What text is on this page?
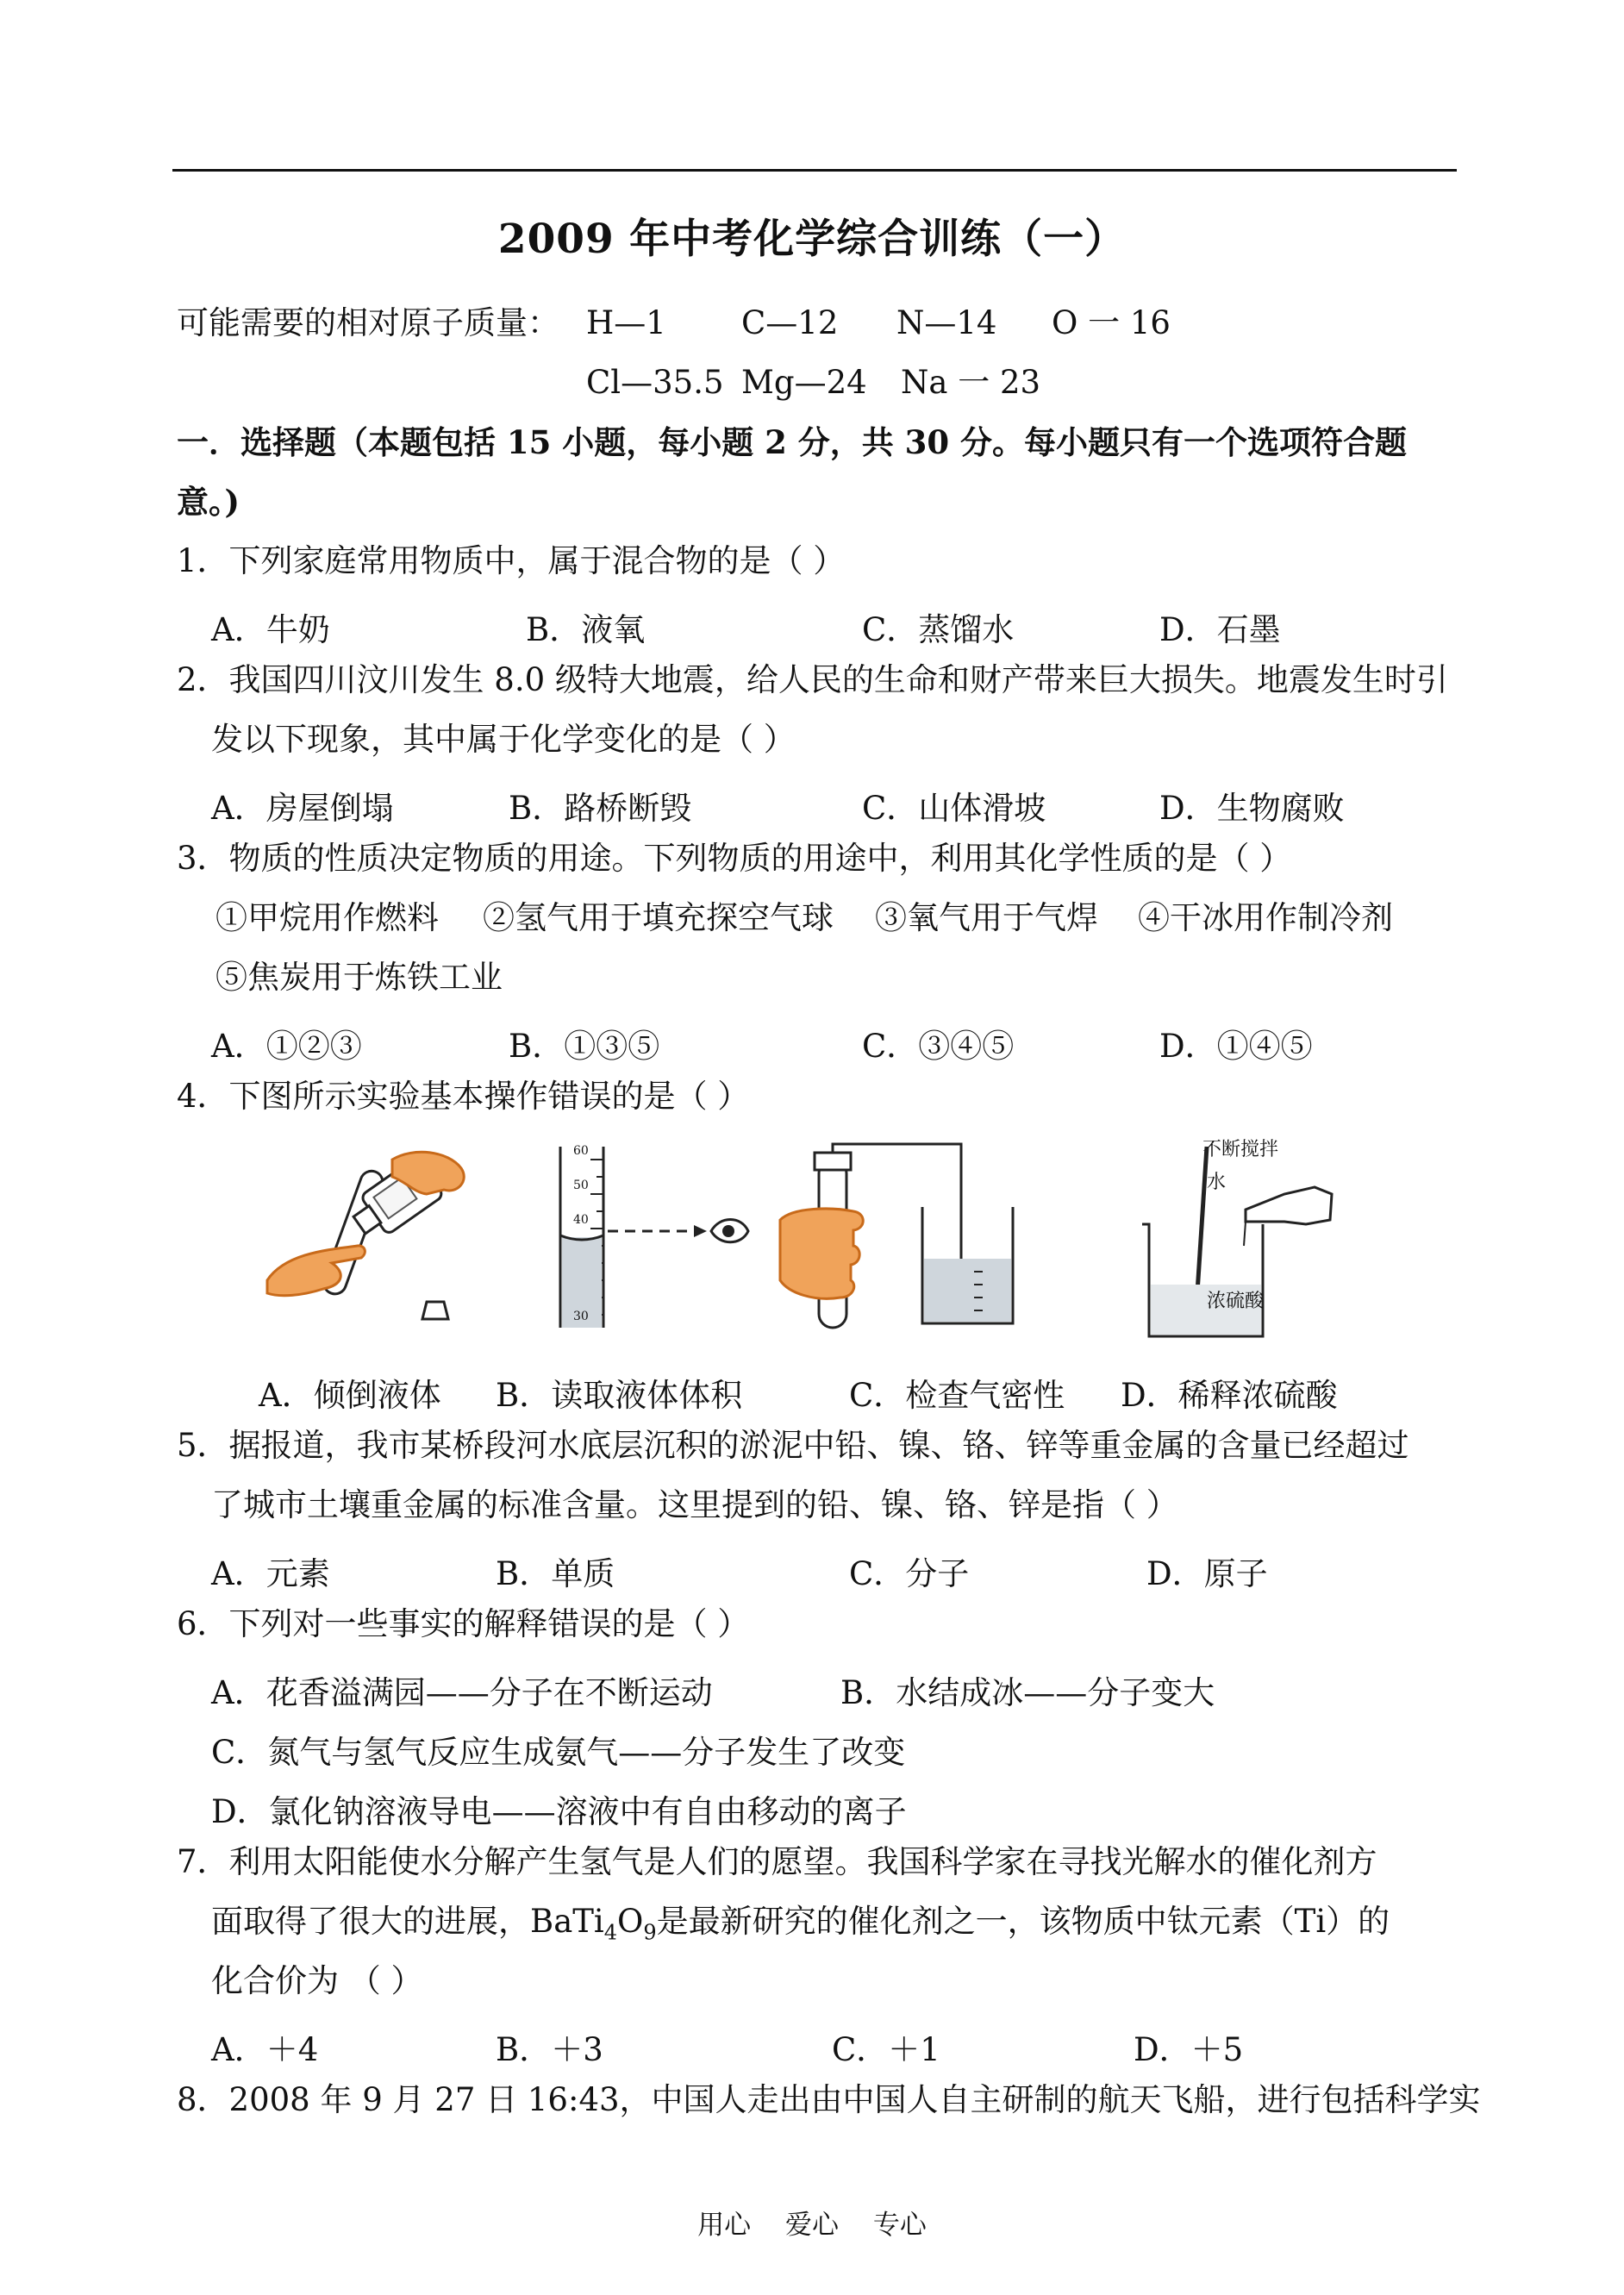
2009 年中考化学综合训练（一）
可能需要的相对原子质量： H—1 C—12 N—14 O 一 16
Cl—35.5 Mg—24 Na 一 23
一．选择题（本题包括 15 小题，每小题 2 分，共 30 分。每小题只有一个选项符合题
意。)
1．下列家庭常用物质中，属于混合物的是（ ）
A．牛奶	B．液氧	C．蒸馏水	D．石墨
2．我国四川汶川发生 8.0 级特大地震，给人民的生命和财产带来巨大损失。地震发生时引
发以下现象，其中属于化学变化的是（ ）
A．房屋倒塌	B．路桥断毁	C．山体滑坡	D．生物腐败
3．物质的性质决定物质的用途。下列物质的用途中，利用其化学性质的是（ ）
①甲烷用作燃料 ②氢气用于填充探空气球 ③氧气用于气焊 ④干冰用作制冷剂
⑤焦炭用于炼铁工业
A．①②③	B．①③⑤	C．③④⑤	D．①④⑤
4．下图所示实验基本操作错误的是（ ）
60
50
40
30
不断搅拌
水
浓硫酸
A．倾倒液体 B．读取液体体积	C．检查气密性 D．稀释浓硫酸
5．据报道，我市某桥段河水底层沉积的淤泥中铅、镍、铬、锌等重金属的含量已经超过
了城市土壤重金属的标准含量。这里提到的铅、镍、铬、锌是指（ ）
A．元素	B．单质	C．分子	D．原子
6．下列对一些事实的解释错误的是（ ）
A．花香溢满园——分子在不断运动	B．水结成冰——分子变大
C．氮气与氢气反应生成氨气——分子发生了改变
D．氯化钠溶液导电——溶液中有自由移动的离子
7．利用太阳能使水分解产生氢气是人们的愿望。我国科学家在寻找光解水的催化剂方
面取得了很大的进展，$BaTi_4O_9$是最新研究的催化剂之一，该物质中钛元素（Ti）的
化合价为 （ ）
A．＋4	B．＋3	C．＋1	D．＋5
8．2008 年 9 月 27 日 16:43，中国人走出由中国人自主研制的航天飞船，进行包括科学实
用心 爱心 专心
